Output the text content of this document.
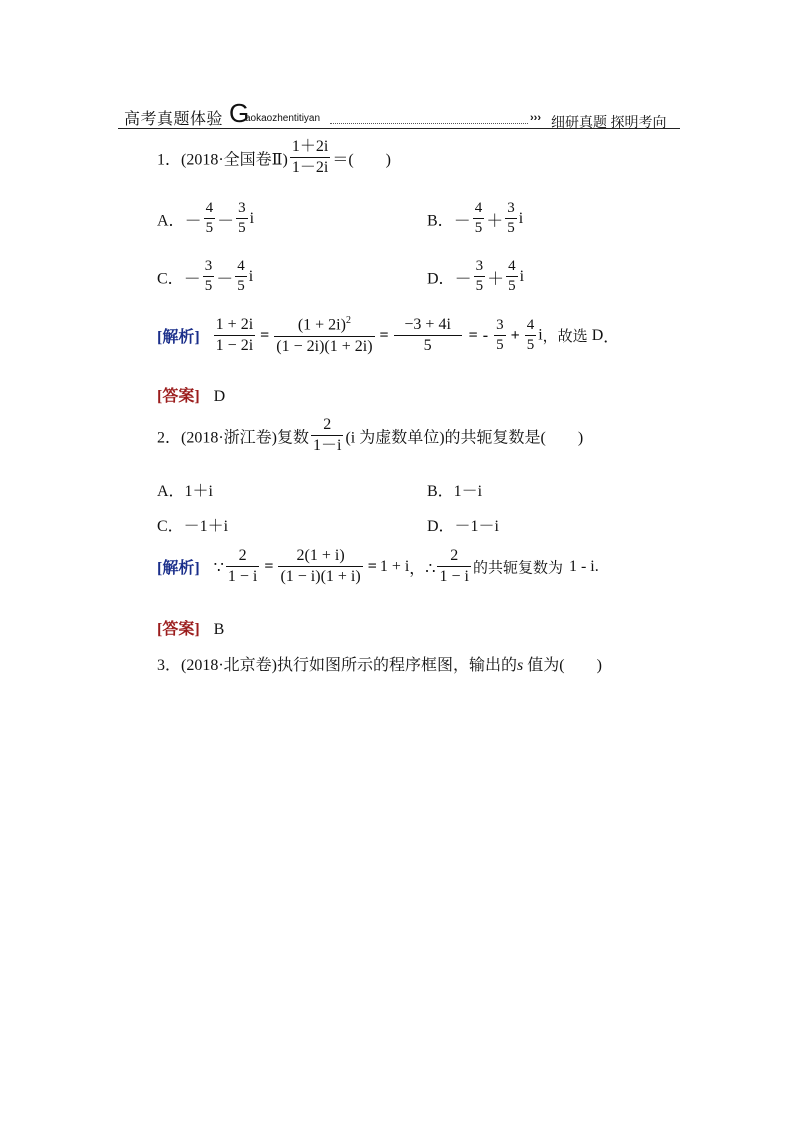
高考真题体验 G
aokaozhentitiyan	››› 细研真题 探明考向
1．(2018·全国卷Ⅱ) $\frac{1+2i}{1-2i}$ ＝(　　)
A．－ $\frac{4}{5} - \frac{3}{5}$ i	B．－ $\frac{4}{5} + \frac{3}{5}$ i
C．－ $\frac{3}{5} - \frac{4}{5}$ i	D．－ $\frac{3}{5} + \frac{4}{5}$ i
[解析] $\frac{1 + 2i}{1 - 2i} = \frac{(1 + 2i)^2}{(1 - 2i)(1 + 2i)} = \frac{-3 + 4i}{5}$ = - $\frac{3}{5} + \frac{4}{5}$ i，故选 D．
[答案] D
2．(2018·浙江卷)复数 $\frac{2}{1-i} (i$ 为虚数单位)的共轭复数是(　　)
A．1＋i	B．1－i
C．－1＋i	D．－1－i
[解析] ∵ $\frac{2}{1 - i} = \frac{2(1 + i)}{(1 - i)(1 + i)} = 1 + i$，∴ $\frac{2}{1 - i}$ 的共轭复数为 1 - i.
[答案] B
3．(2018·北京卷)执行如图所示的程序框图，输出的s 值为(　　)
